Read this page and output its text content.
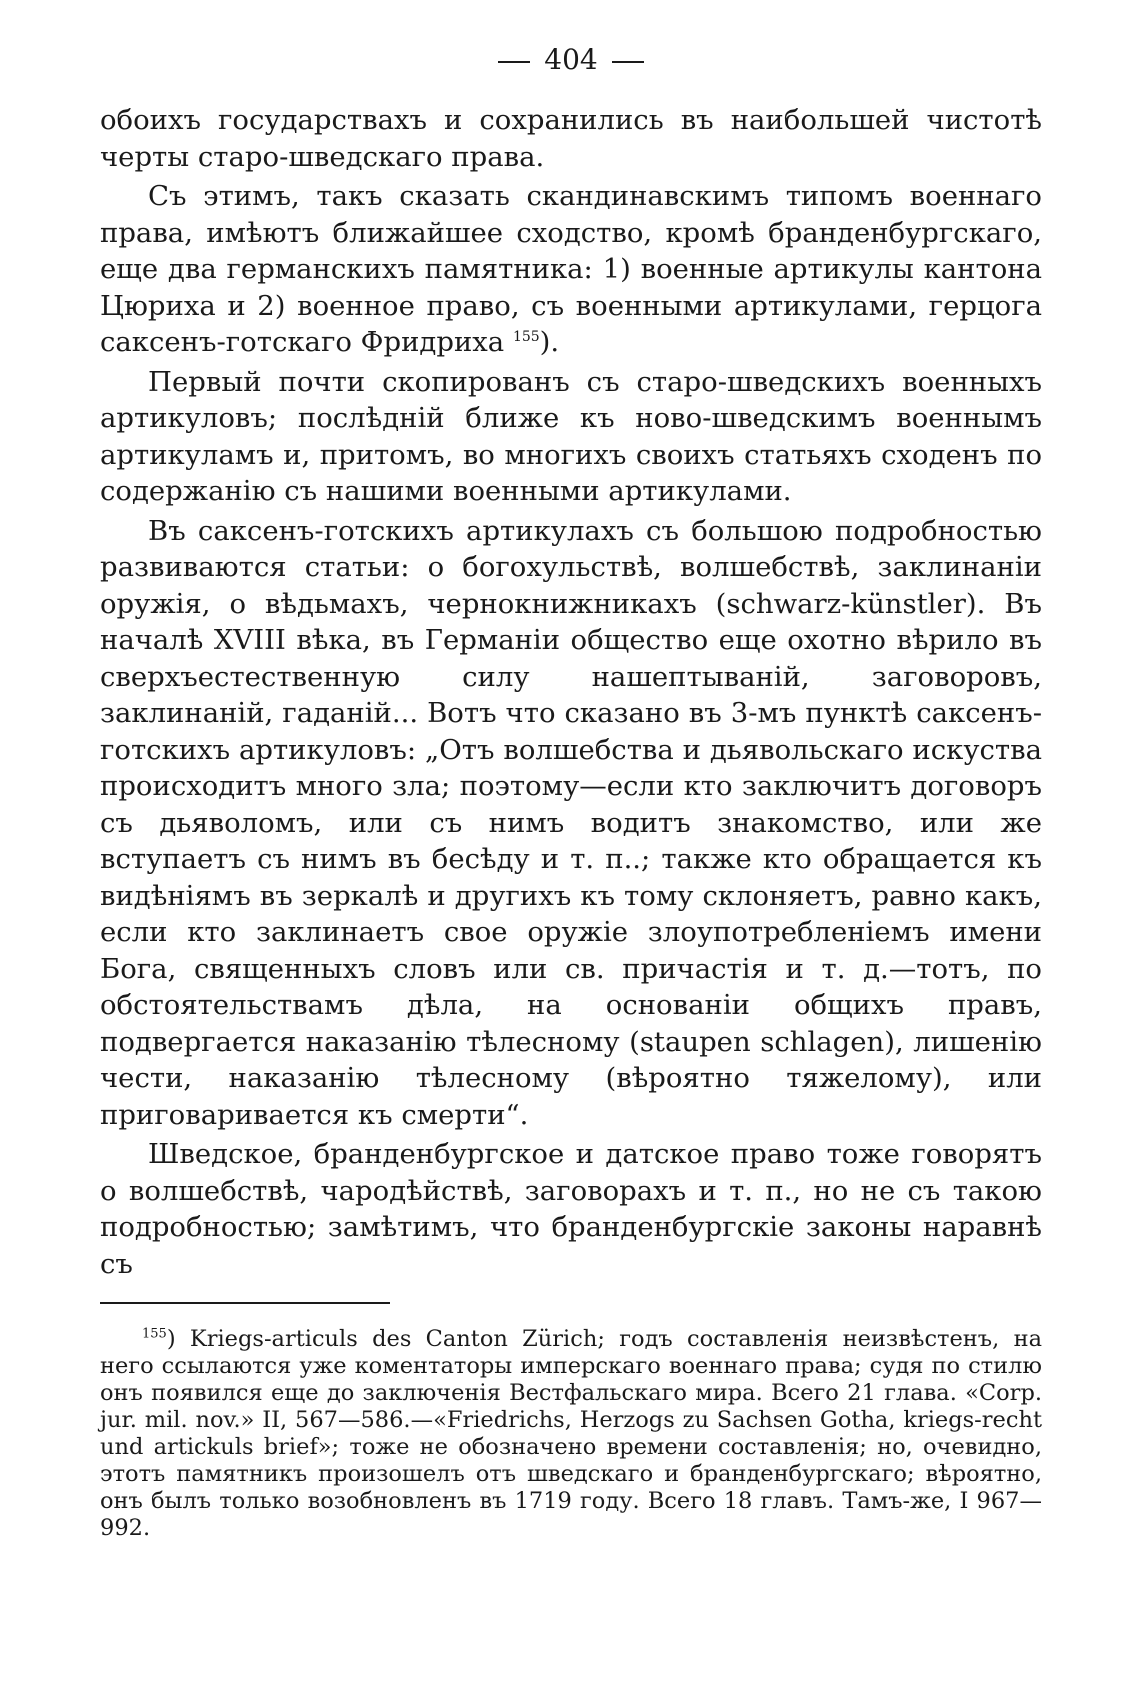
404

обоихъ государствахъ и сохранились въ наибольшей чистотѣ черты старо-шведскаго права.

Съ этимъ, такъ сказать скандинавскимъ типомъ военнаго права, имѣютъ ближайшее сходство, кромѣ бранденбургскаго, еще два германскихъ памятника: 1) военные артикулы кантона Цюриха и 2) военное право, съ военными артикулами, герцога саксенъ-готскаго Фридриха $^{155}$).

Первый почти скопированъ съ старо-шведскихъ военныхъ артикуловъ; послѣднiй ближе къ ново-шведскимъ военнымъ артикуламъ и, притомъ, во многихъ своихъ статьяхъ сходенъ по содержанiю съ нашими военными артикулами.

Въ саксенъ-готскихъ артикулахъ съ большою подробностью развиваются статьи: о богохульствѣ, волшебствѣ, заклинанiи оружiя, о вѣдьмахъ, чернокнижникахъ (schwarz-künstler). Въ началѣ XVIII вѣка, въ Германiи общество еще охотно вѣрило въ сверхъестественную силу нашептыванiй, заговоровъ, заклинанiй, гаданiй... Вотъ что сказано въ 3-мъ пунктѣ саксенъ-готскихъ артикуловъ: „Отъ волшебства и дьявольскаго искуства происходитъ много зла; поэтому—если кто заключитъ договоръ съ дьяволомъ, или съ нимъ водитъ знакомство, или же вступаетъ съ нимъ въ бесѣду и т. п..; также кто обращается къ видѣнiямъ въ зеркалѣ и другихъ къ тому склоняетъ, равно какъ, если кто заклинаетъ свое оружiе злоупотребленiемъ имени Бога, священныхъ словъ или св. причастiя и т. д.—тотъ, по обстоятельствамъ дѣла, на основанiи общихъ правъ, подвергается наказанiю тѣлесному (staupen schlagen), лишенiю чести, наказанiю тѣлесному (вѣроятно тяжелому), или приговаривается къ смерти“.

Шведское, бранденбургское и датское право тоже говорятъ о волшебствѣ, чародѣйствѣ, заговорахъ и т. п., но не съ такою подробностью; замѣтимъ, что бранденбургскiе законы наравнѣ съ

$^{155}$) Kriegs-articuls des Canton Zürich; годъ составленiя неизвѣстенъ, на него ссылаются уже коментаторы имперскаго военнаго права; судя по стилю онъ появился еще до заключенiя Вестфальскаго мира. Всего 21 глава. «Corp. jur. mil. nov.» II, 567—586.—«Friedrichs, Herzogs zu Sachsen Gotha, kriegs-recht und artickuls brief»; тоже не обозначено времени составленiя; но, очевидно, этотъ памятникъ произошелъ отъ шведскаго и бранденбургскаго; вѣроятно, онъ былъ только возобновленъ въ 1719 году. Всего 18 главъ. Тамъ-же, I 967—992.
